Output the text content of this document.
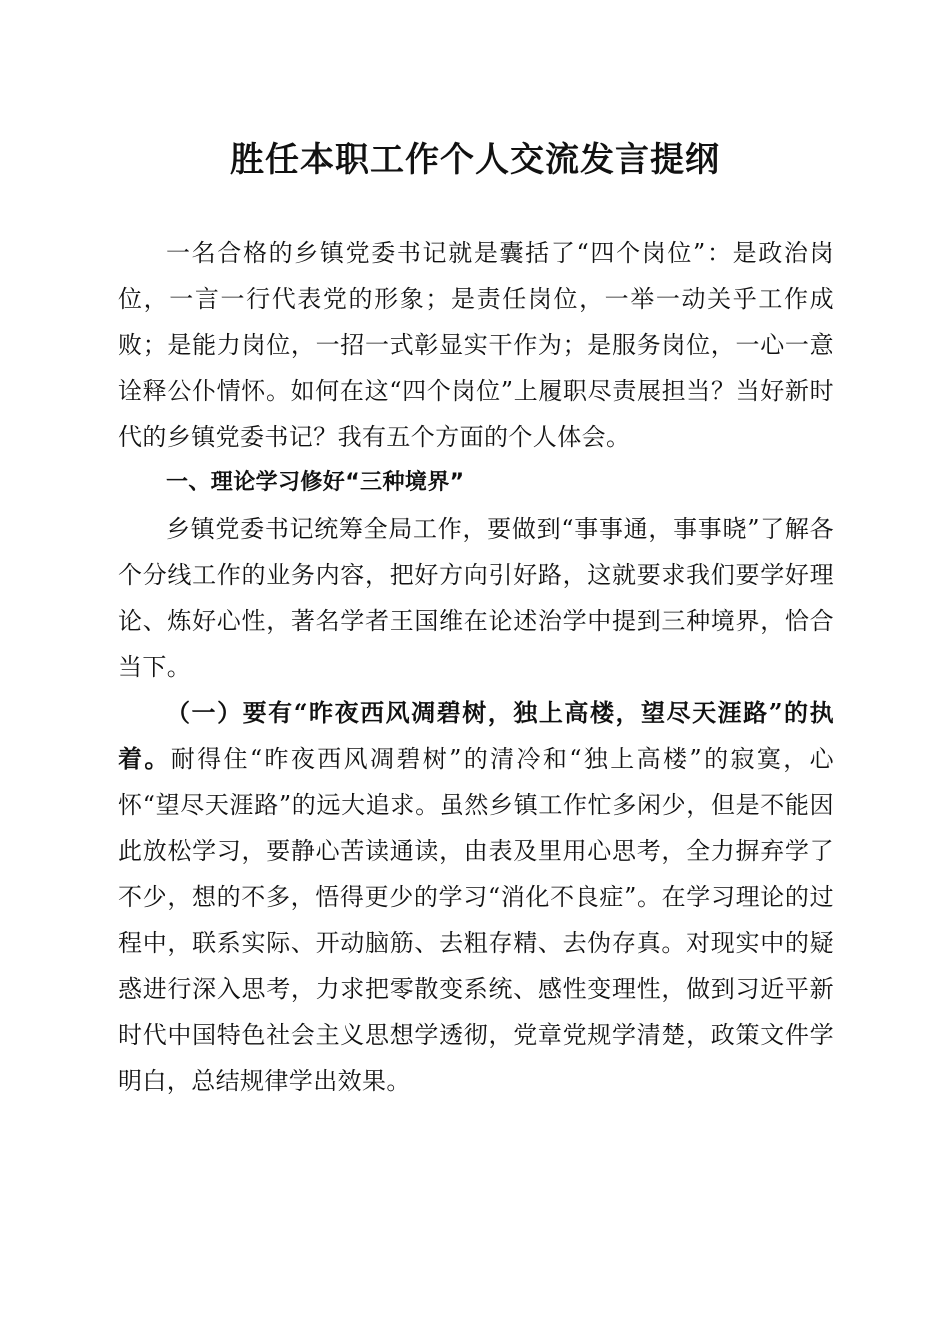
胜任本职工作个人交流发言提纲

一名合格的乡镇党委书记就是囊括了“四个岗位”：是政治岗位，一言一行代表党的形象；是责任岗位，一举一动关乎工作成败；是能力岗位，一招一式彰显实干作为；是服务岗位，一心一意诠释公仆情怀。如何在这“四个岗位”上履职尽责展担当？当好新时代的乡镇党委书记？我有五个方面的个人体会。

一、理论学习修好“三种境界”

乡镇党委书记统筹全局工作，要做到“事事通，事事晓”了解各个分线工作的业务内容，把好方向引好路，这就要求我们要学好理论、炼好心性，著名学者王国维在论述治学中提到三种境界，恰合当下。

（一）要有“昨夜西风凋碧树，独上高楼，望尽天涯路”的执着。耐得住“昨夜西风凋碧树”的清冷和“独上高楼”的寂寞，心怀“望尽天涯路”的远大追求。虽然乡镇工作忙多闲少，但是不能因此放松学习，要静心苦读通读，由表及里用心思考，全力摒弃学了不少，想的不多，悟得更少的学习“消化不良症”。在学习理论的过程中，联系实际、开动脑筋、去粗存精、去伪存真。对现实中的疑惑进行深入思考，力求把零散变系统、感性变理性，做到习近平新时代中国特色社会主义思想学透彻，党章党规学清楚，政策文件学明白，总结规律学出效果。
